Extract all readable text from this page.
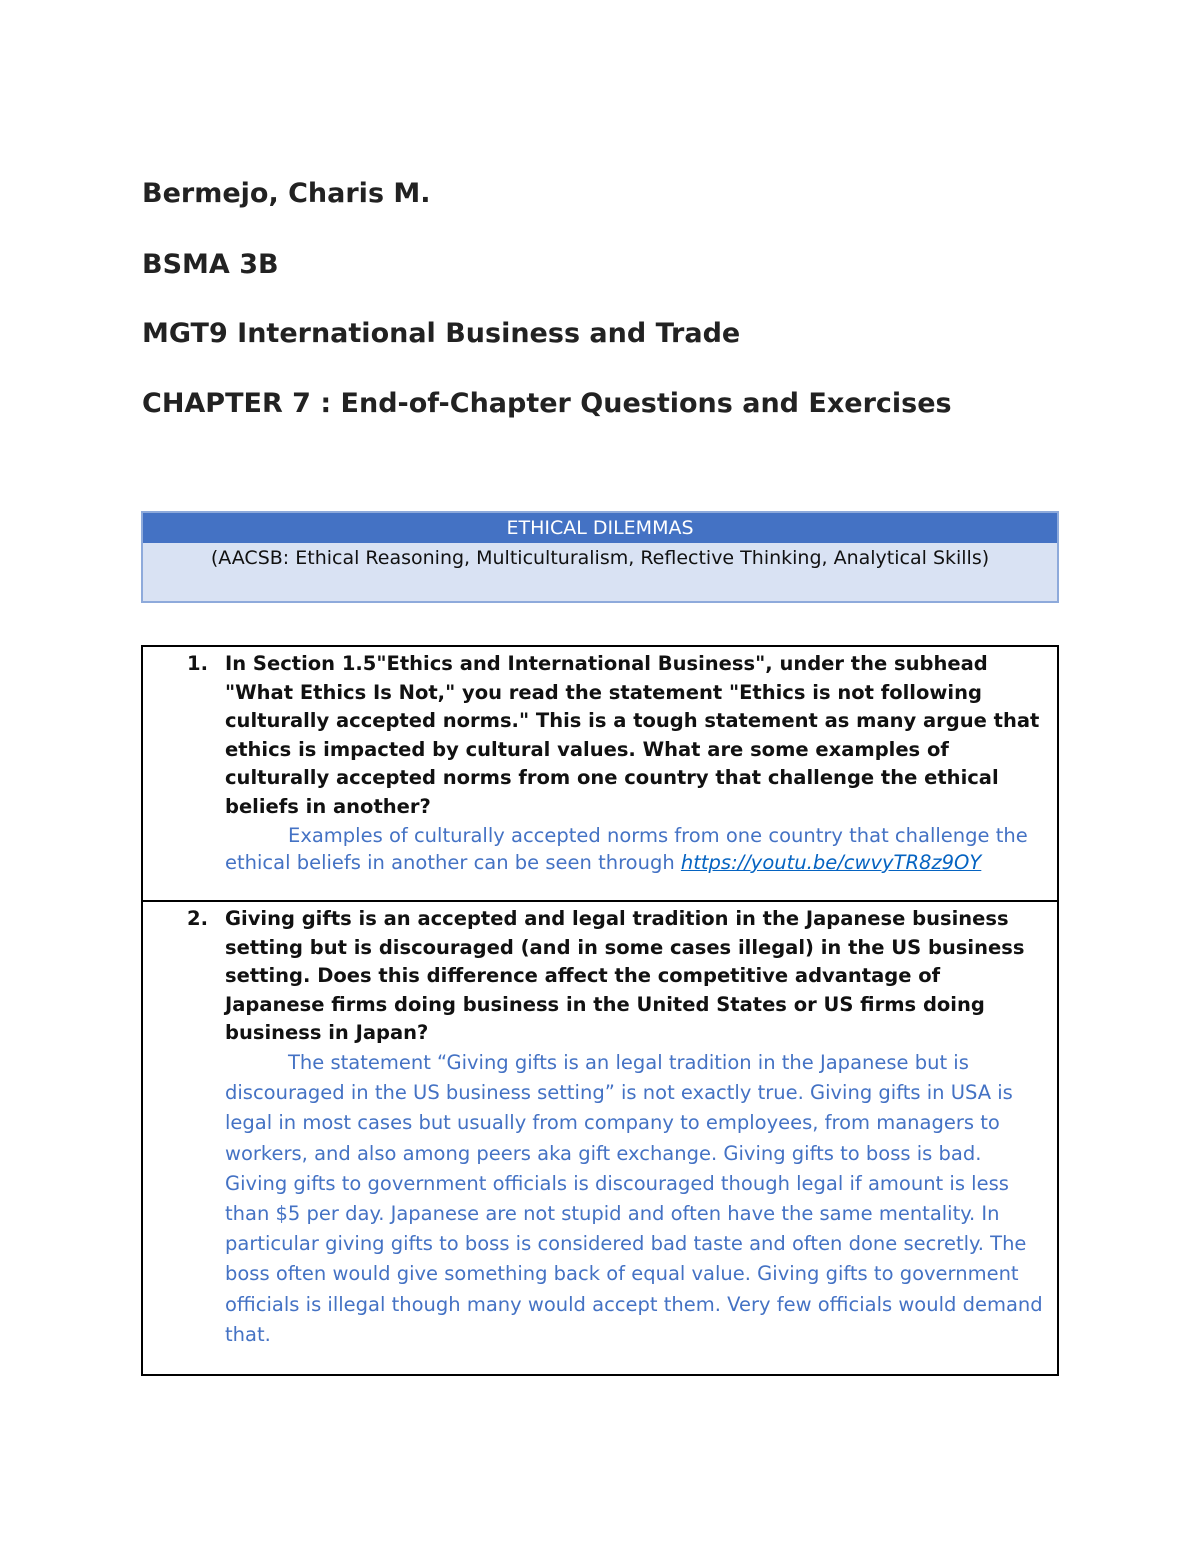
Bermejo, Charis M.
BSMA 3B
MGT9 International Business and Trade
CHAPTER 7 : End-of-Chapter Questions and Exercises
ETHICAL DILEMMAS
(AACSB: Ethical Reasoning, Multiculturalism, Reflective Thinking, Analytical Skills)
1. In Section 1.5"Ethics and International Business", under the subhead "What Ethics Is Not," you read the statement "Ethics is not following culturally accepted norms." This is a tough statement as many argue that ethics is impacted by cultural values. What are some examples of culturally accepted norms from one country that challenge the ethical beliefs in another?
Examples of culturally accepted norms from one country that challenge the ethical beliefs in another can be seen through https://youtu.be/cwvyTR8z9OY
2. Giving gifts is an accepted and legal tradition in the Japanese business setting but is discouraged (and in some cases illegal) in the US business setting. Does this difference affect the competitive advantage of Japanese firms doing business in the United States or US firms doing business in Japan?
The statement “Giving gifts is an legal tradition in the Japanese but is discouraged in the US business setting” is not exactly true. Giving gifts in USA is legal in most cases but usually from company to employees, from managers to workers, and also among peers aka gift exchange. Giving gifts to boss is bad. Giving gifts to government officials is discouraged though legal if amount is less than $5 per day. Japanese are not stupid and often have the same mentality. In particular giving gifts to boss is considered bad taste and often done secretly. The boss often would give something back of equal value. Giving gifts to government officials is illegal though many would accept them. Very few officials would demand that.
